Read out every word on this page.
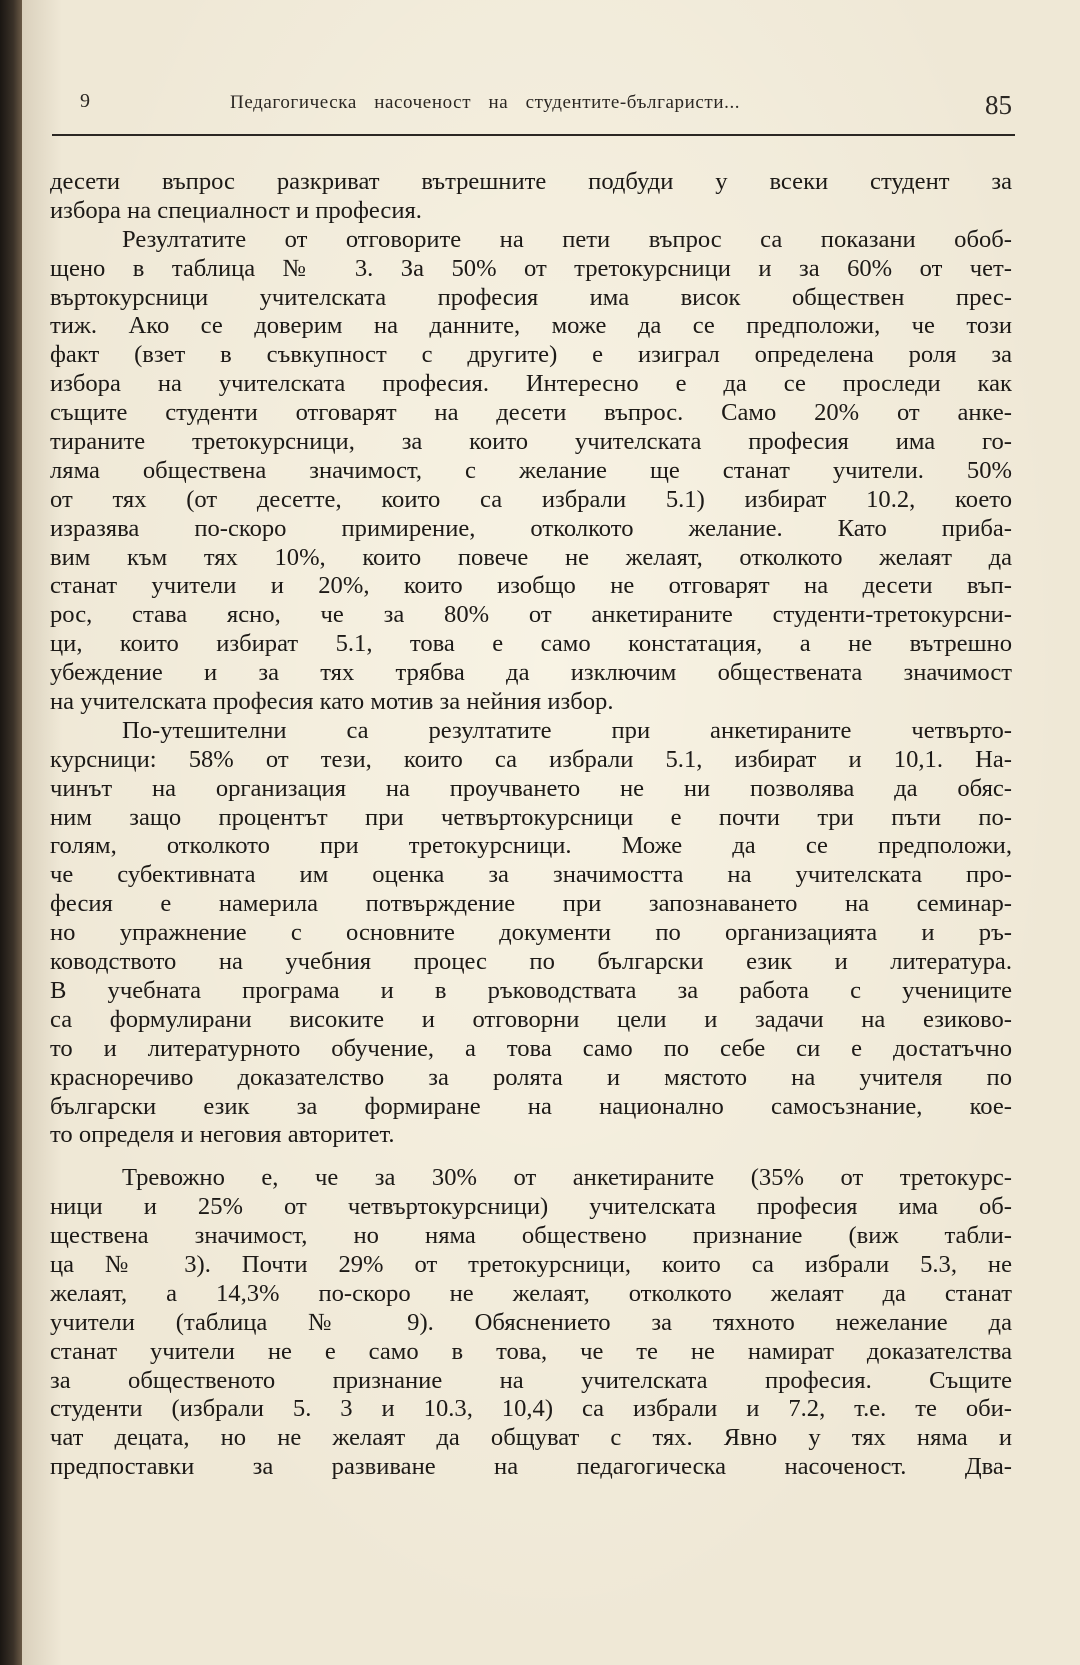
9	Педагогическа насоченост на студентите-българисти...	85
десети въпрос разкриват вътрешните подбуди у всеки студент за
избора на специалност и професия.
Резултатите от отговорите на пети въпрос са показани обоб-
щено в таблица № 3. За 50% от третокурсници и за 60% от чет-
въртокурсници учителската професия има висок обществен прес-
тиж. Ако се доверим на данните, може да се предположи, че този
факт (взет в съвкупност с другите) е изиграл определена роля за
избора на учителската професия. Интересно е да се проследи как
същите студенти отговарят на десети въпрос. Само 20% от анке-
тираните третокурсници, за които учителската професия има го-
ляма обществена значимост, с желание ще станат учители. 50%
от тях (от десетте, които са избрали 5.1) избират 10.2, което
изразява по-скоро примирение, отколкото желание. Като приба-
вим към тях 10%, които повече не желаят, отколкото желаят да
станат учители и 20%, които изобщо не отговарят на десети въп-
рос, става ясно, че за 80% от анкетираните студенти-третокурсни-
ци, които избират 5.1, това е само констатация, а не вътрешно
убеждение и за тях трябва да изключим обществената значимост
на учителската професия като мотив за нейния избор.
По-утешителни са резултатите при анкетираните четвърто-
курсници: 58% от тези, които са избрали 5.1, избират и 10,1. На-
чинът на организация на проучването не ни позволява да обяс-
ним защо процентът при четвъртокурсници е почти три пъти по-
голям, отколкото при третокурсници. Може да се предположи,
че субективната им оценка за значимостта на учителската про-
фесия е намерила потвърждение при запознаването на семинар-
но упражнение с основните документи по организацията и ръ-
ководството на учебния процес по български език и литература.
В учебната програма и в ръководствата за работа с учениците
са формулирани високите и отговорни цели и задачи на езиково-
то и литературното обучение, а това само по себе си е достатъчно
красноречиво доказателство за ролята и мястото на учителя по
български език за формиране на национално самосъзнание, кое-
то определя и неговия авторитет.
Тревожно е, че за 30% от анкетираните (35% от третокурс-
ници и 25% от четвъртокурсници) учителската професия има об-
ществена значимост, но няма обществено признание (виж табли-
ца № 3). Почти 29% от третокурсници, които са избрали 5.3, не
желаят, а 14,3% по-скоро не желаят, отколкото желаят да станат
учители (таблица № 9). Обяснението за тяхното нежелание да
станат учители не е само в това, че те не намират доказателства
за общественото признание на учителската професия. Същите
студенти (избрали 5. 3 и 10.3, 10,4) са избрали и 7.2, т.е. те оби-
чат децата, но не желаят да общуват с тях. Явно у тях няма и
предпоставки за развиване на педагогическа насоченост. Два-
